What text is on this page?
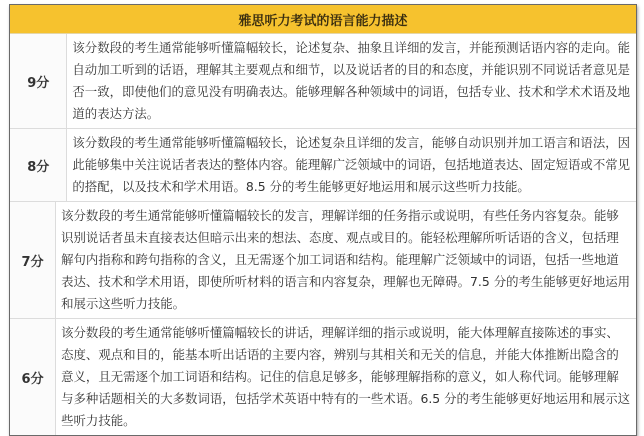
雅思听力考试的语言能力描述
9分
该分数段的考生通常能够听懂篇幅较长，论述复杂、抽象且详细的发言，并能预测话语内容的走向。能
自动加工听到的话语，理解其主要观点和细节，以及说话者的目的和态度，并能识别不同说话者意见是
否一致，即使他们的意见没有明确表达。能够理解各种领域中的词语，包括专业、技术和学术术语及地
道的表达方法。
8分
该分数段的考生通常能够听懂篇幅较长，论述复杂且详细的发言，能够自动识别并加工语言和语法，因
此能够集中关注说话者表达的整体内容。能理解广泛领域中的词语，包括地道表达、固定短语或不常见
的搭配，以及技术和学术用语。8.5 分的考生能够更好地运用和展示这些听力技能。
7分
该分数段的考生通常能够听懂篇幅较长的发言，理解详细的任务指示或说明，有些任务内容复杂。能够
识别说话者虽未直接表达但暗示出来的想法、态度、观点或目的。能轻松理解所听话语的含义，包括理
解句内指称和跨句指称的含义，且无需逐个加工词语和结构。能理解广泛领域中的词语，包括一些地道
表达、技术和学术用语，即使所听材料的语言和内容复杂，理解也无障碍。7.5 分的考生能够更好地运用
和展示这些听力技能。
6分
该分数段的考生通常能够听懂篇幅较长的讲话，理解详细的指示或说明，能大体理解直接陈述的事实、
态度、观点和目的，能基本听出话语的主要内容，辨别与其相关和无关的信息，并能大体推断出隐含的
意义，且无需逐个加工词语和结构。记住的信息足够多，能够理解指称的意义，如人称代词。能够理解
与多种话题相关的大多数词语，包括学术英语中特有的一些术语。6.5 分的考生能够更好地运用和展示这
些听力技能。
